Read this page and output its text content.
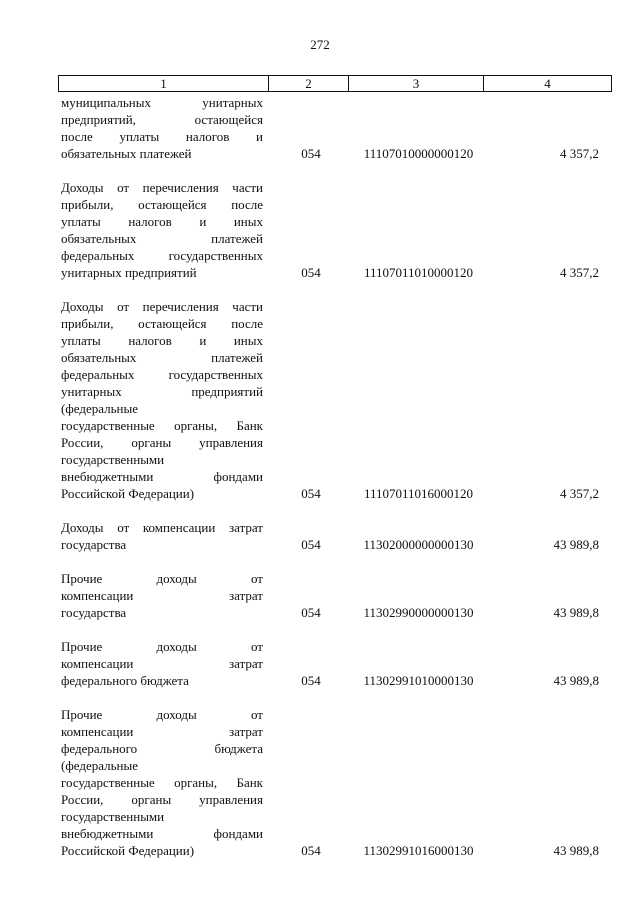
272
1	2	3	4
муниципальных унитарных
предприятий, остающейся
после уплаты налогов и
обязательных платежей	054	11107010000000120	4 357,2
Доходы от перечисления части
прибыли, остающейся после
уплаты налогов и иных
обязательных платежей
федеральных государственных
унитарных предприятий	054	11107011010000120	4 357,2
Доходы от перечисления части
прибыли, остающейся после
уплаты налогов и иных
обязательных платежей
федеральных государственных
унитарных предприятий
(федеральные
государственные органы, Банк
России, органы управления
государственными
внебюджетными фондами
Российской Федерации)	054	11107011016000120	4 357,2
Доходы от компенсации затрат
государства	054	11302000000000130	43 989,8
Прочие доходы от
компенсации затрат
государства	054	11302990000000130	43 989,8
Прочие доходы от
компенсации затрат
федерального бюджета	054	11302991010000130	43 989,8
Прочие доходы от
компенсации затрат
федерального бюджета
(федеральные
государственные органы, Банк
России, органы управления
государственными
внебюджетными фондами
Российской Федерации)	054	11302991016000130	43 989,8
